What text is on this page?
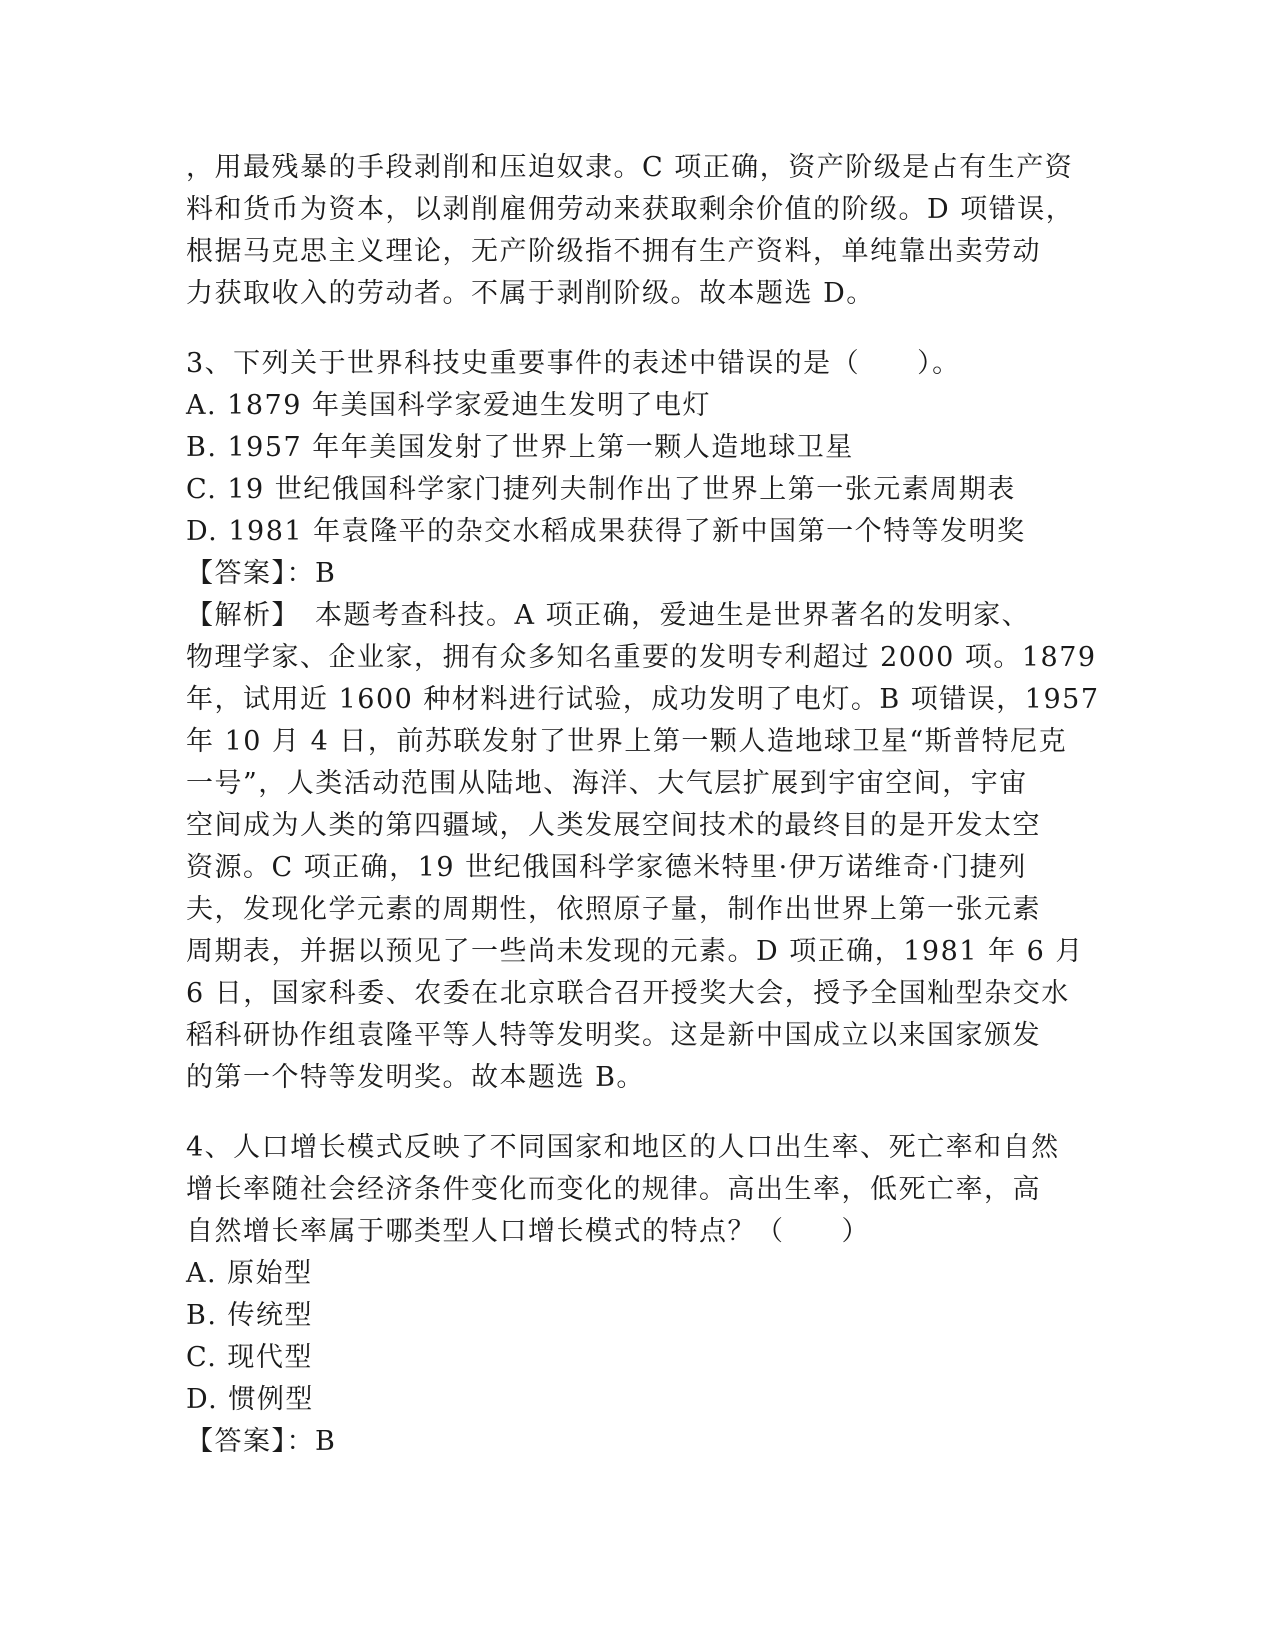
，用最残暴的手段剥削和压迫奴隶。C 项正确，资产阶级是占有生产资
料和货币为资本，以剥削雇佣劳动来获取剩余价值的阶级。D 项错误，
根据马克思主义理论，无产阶级指不拥有生产资料，单纯靠出卖劳动
力获取收入的劳动者。不属于剥削阶级。故本题选 D。
3、下列关于世界科技史重要事件的表述中错误的是（　　）。
A. 1879 年美国科学家爱迪生发明了电灯
B. 1957 年年美国发射了世界上第一颗人造地球卫星
C. 19 世纪俄国科学家门捷列夫制作出了世界上第一张元素周期表
D. 1981 年袁隆平的杂交水稻成果获得了新中国第一个特等发明奖
【答案】：B
【解析】　本题考查科技。A 项正确，爱迪生是世界著名的发明家、
物理学家、企业家，拥有众多知名重要的发明专利超过 2000 项。1879
年，试用近 1600 种材料进行试验，成功发明了电灯。B 项错误，1957
年 10 月 4 日，前苏联发射了世界上第一颗人造地球卫星“斯普特尼克
一号”，人类活动范围从陆地、海洋、大气层扩展到宇宙空间，宇宙
空间成为人类的第四疆域，人类发展空间技术的最终目的是开发太空
资源。C 项正确，19 世纪俄国科学家德米特里·伊万诺维奇·门捷列
夫，发现化学元素的周期性，依照原子量，制作出世界上第一张元素
周期表，并据以预见了一些尚未发现的元素。D 项正确，1981 年 6 月
6 日，国家科委、农委在北京联合召开授奖大会，授予全国籼型杂交水
稻科研协作组袁隆平等人特等发明奖。这是新中国成立以来国家颁发
的第一个特等发明奖。故本题选 B。
4、人口增长模式反映了不同国家和地区的人口出生率、死亡率和自然
增长率随社会经济条件变化而变化的规律。高出生率，低死亡率，高
自然增长率属于哪类型人口增长模式的特点？（　　）
A. 原始型
B. 传统型
C. 现代型
D. 惯例型
【答案】：B
